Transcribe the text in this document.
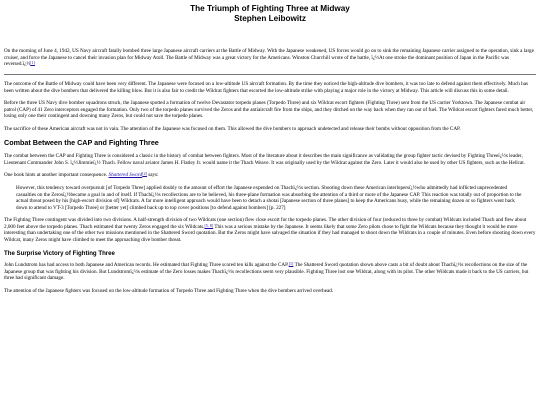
The Triumph of Fighting Three at Midway
Stephen Leibowitz

On the morning of June 4, 1942, US Navy aircraft fatally bombed three large Japanese aircraft carriers at the Battle of Midway. With the Japanese weakened, US forces would go on to sink the remaining Japanese carrier assigned to the operation, sink a large cruiser, and force the Japanese to cancel their invasion plan for Midway Atoll. The Battle of Midway was a great victory for the Americans. Winston Churchill wrote of the battle, ï¿½At one stroke the dominant position of Japan in the Pacific was reversed.ï¿½[1]

The outcome of the Battle of Midway could have been very different. The Japanese were focused on a low-altitude US aircraft formation. By the time they noticed the high-altitude dive bombers, it was too late to defend against them effectively. Much has been written about the dive bombers that delivered the killing blow. But it is also fair to credit the Wildcat fighters that escorted the low-altitude strike with playing a major role in the victory at Midway. This article will discuss this in some detail.

Before the three US Navy dive bomber squadrons struck, the Japanese spotted a formation of twelve Devastator torpedo planes (Torpedo Three) and six Wildcat escort fighters (Fighting Three) sent from the US carrier Yorktown. The Japanese combat air patrol (CAP) of 41 Zero interceptors engaged the formation. Only two of the torpedo planes survived the Zeros and the antiaircraft fire from the ships, and they ditched on the way back when they ran out of fuel. The Wildcat escort fighters fared much better, losing only one their contingent and downing many Zeros, but could not save the torpedo planes.

The sacrifice of these American aircraft was not in vain. The attention of the Japanese was focused on them. This allowed the dive bombers to approach undetected and release their bombs without opposition from the CAP.

Combat Between the CAP and Fighting Three

The combat between the CAP and Fighting Three is considered a classic in the history of combat between fighters. Most of the literature about it describes the main significance as validating the group fighter tactic devised by Fighting Threeï¿½s leader, Lieutenant Commander John S. ï¿½Jimmieï¿½ Thach. Fellow naval aviator James H. Flatley Jr. would name it the Thach Weave. It was originally used by the Wildcat against the Zero. Later it would also be used by other US fighters, such as the Hellcat.

One book hints at another important consequence. Shattered Sword[2] says:

However, this tendency toward overpursuit [of Torpedo Three] applied doubly to the amount of effort the Japanese expended on Thachï¿½s section. Shooting down these American interlopersï¿½who admittedly had inflicted unprecedented casualties on the Zerosï¿½became a goal in and of itself. If Thachï¿½s recollections are to be believed, his three-plane formation was absorbing the attention of a third or more of the Japanese CAP. This reaction was totally out of proportion to the actual threat posed by his [high-escort division of] Wildcats. A far more intelligent approach would have been to detach a shotai [Japanese section of three planes] to keep the Americans busy, while the remaining dozen or so fighters went back down to attend to VT-3 [Torpedo Three] or [better yet] climbed back up to top cover positions [to defend against bombers] [p. 227]

The Fighting Three contingent was divided into two divisions. A half-strength division of two Wildcats (one section) flew close escort for the torpedo planes. The other division of four (reduced to three by combat) Wildcats included Thach and flew about 2,000 feet above the torpedo planes. Thach estimated that twenty Zeros engaged the six Wildcats.[5, 8] This was a serious mistake by the Japanese. It seems likely that some Zero pilots chose to fight the Wildcats because they thought it would be more interesting than undertaking one of the other two missions mentioned in the Shattered Sword quotation. But the Zeros might have salvaged the situation if they had managed to shoot down the Wildcats in a couple of minutes. Even before shooting down every Wildcat, many Zeros might have climbed to meet the approaching dive bomber threat.

The Surprise Victory of Fighting Three

John Lundstrom has had access to both Japanese and American records. He estimated that Fighting Three scored ten kills against the CAP.[1] The Shattered Sword quotation shown above casts a bit of doubt about Thachï¿½s recollections on the size of the Japanese group that was fighting his division. But Lundstromï¿½s estimate of the Zero losses makes Thachï¿½s recollections seem very plausible. Fighting Three lost one Wildcat, along with its pilot. The other Wildcats made it back to the US carriers, but three had significant damage.

The attention of the Japanese fighters was focused on the low-altitude formation of Torpedo Three and Fighting Three when the dive bombers arrived overhead.
